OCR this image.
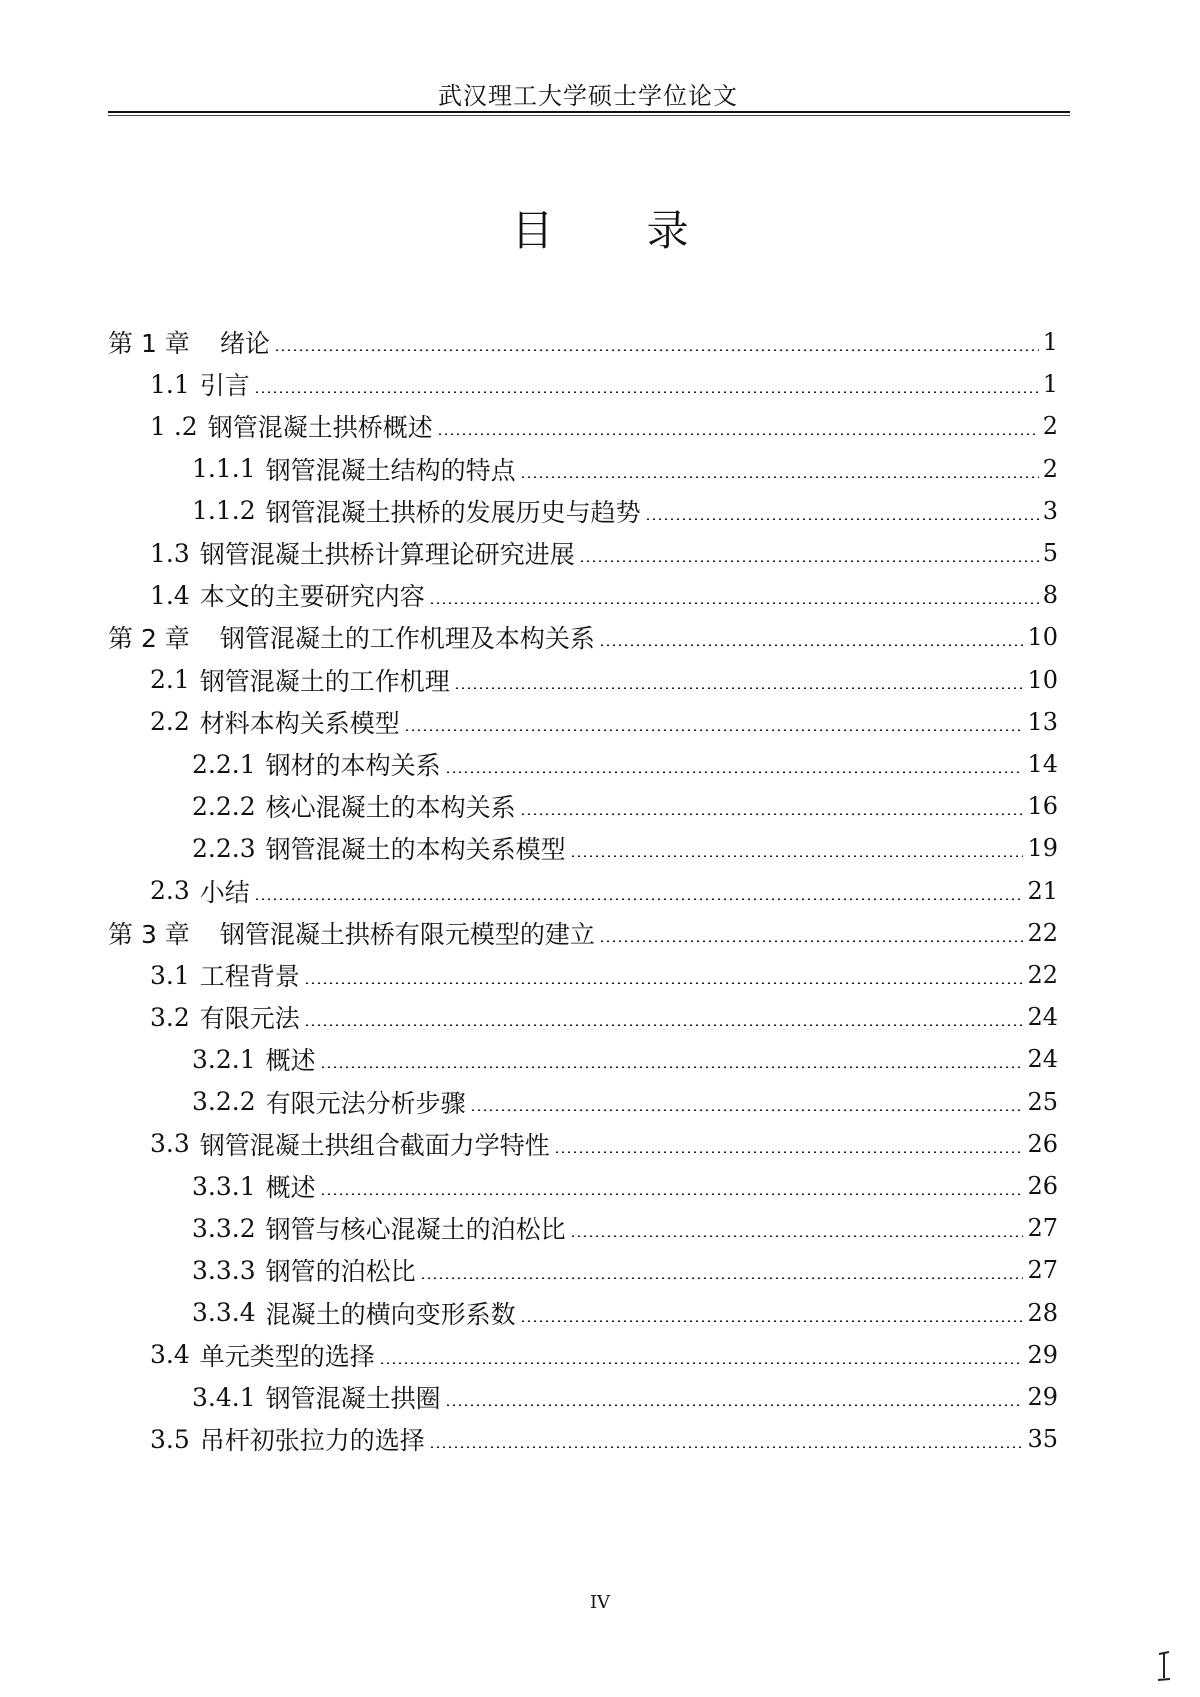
武汉理工大学硕士学位论文
目 录
第 1 章 绪论	1
1.1 引言	1
1 .2 钢管混凝土拱桥概述	2
1.1.1 钢管混凝土结构的特点	2
1.1.2 钢管混凝土拱桥的发展历史与趋势	3
1.3 钢管混凝土拱桥计算理论研究进展	5
1.4 本文的主要研究内容	8
第 2 章 钢管混凝土的工作机理及本构关系	10
2.1 钢管混凝土的工作机理	10
2.2 材料本构关系模型	13
2.2.1 钢材的本构关系	14
2.2.2 核心混凝土的本构关系	16
2.2.3 钢管混凝土的本构关系模型	19
2.3 小结	21
第 3 章 钢管混凝土拱桥有限元模型的建立	22
3.1 工程背景	22
3.2 有限元法	24
3.2.1 概述	24
3.2.2 有限元法分析步骤	25
3.3 钢管混凝土拱组合截面力学特性	26
3.3.1 概述	26
3.3.2 钢管与核心混凝土的泊松比	27
3.3.3 钢管的泊松比	27
3.3.4 混凝土的横向变形系数	28
3.4 单元类型的选择	29
3.4.1 钢管混凝土拱圈	29
3.5 吊杆初张拉力的选择	35
IV
